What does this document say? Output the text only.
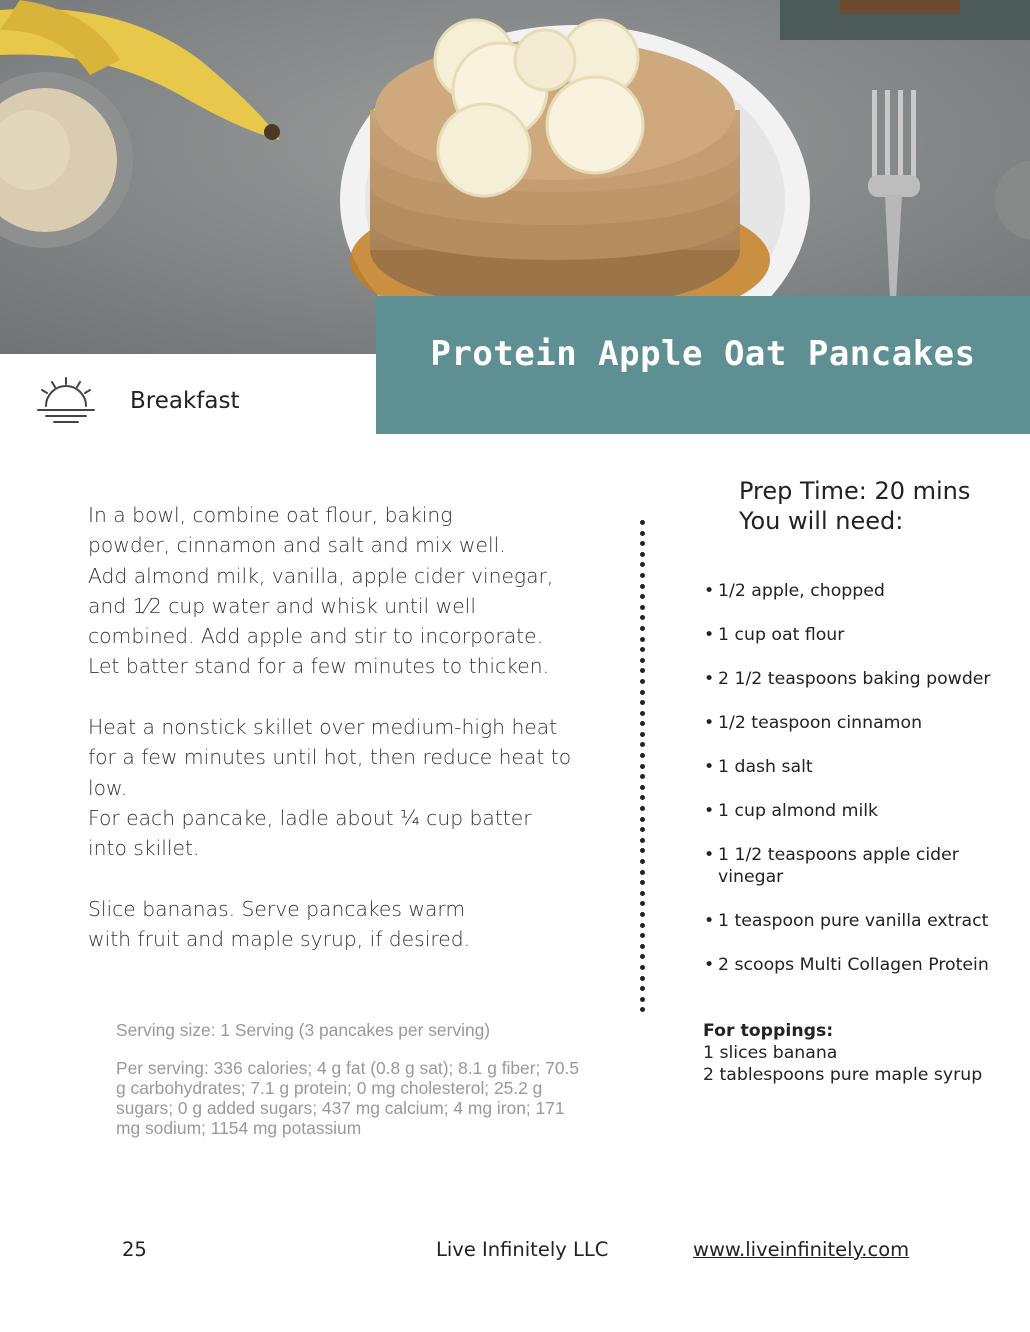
Protein Apple Oat Pancakes
Breakfast

In a bowl, combine oat flour, baking
powder, cinnamon and salt and mix well.
Add almond milk, vanilla, apple cider vinegar,
and 1⁄2 cup water and whisk until well
combined. Add apple and stir to incorporate.
Let batter stand for a few minutes to thicken.

Heat a nonstick skillet over medium-high heat
for a few minutes until hot, then reduce heat to
low.
For each pancake, ladle about ¼ cup batter
into skillet.

Slice bananas. Serve pancakes warm
with fruit and maple syrup, if desired.

Prep Time: 20 mins
You will need:
• 1/2 apple, chopped
• 1 cup oat flour
• 2 1/2 teaspoons baking powder
• 1/2 teaspoon cinnamon
• 1 dash salt
• 1 cup almond milk
• 1 1/2 teaspoons apple cider vinegar
• 1 teaspoon pure vanilla extract
• 2 scoops Multi Collagen Protein
For toppings:
1 slices banana
2 tablespoons pure maple syrup

Serving size: 1 Serving (3 pancakes per serving)

Per serving: 336 calories; 4 g fat (0.8 g sat); 8.1 g fiber; 70.5 g carbohydrates; 7.1 g protein; 0 mg cholesterol; 25.2 g sugars; 0 g added sugars; 437 mg calcium; 4 mg iron; 171 mg sodium; 1154 mg potassium

25	Live Infinitely LLC	www.liveinfinitely.com
